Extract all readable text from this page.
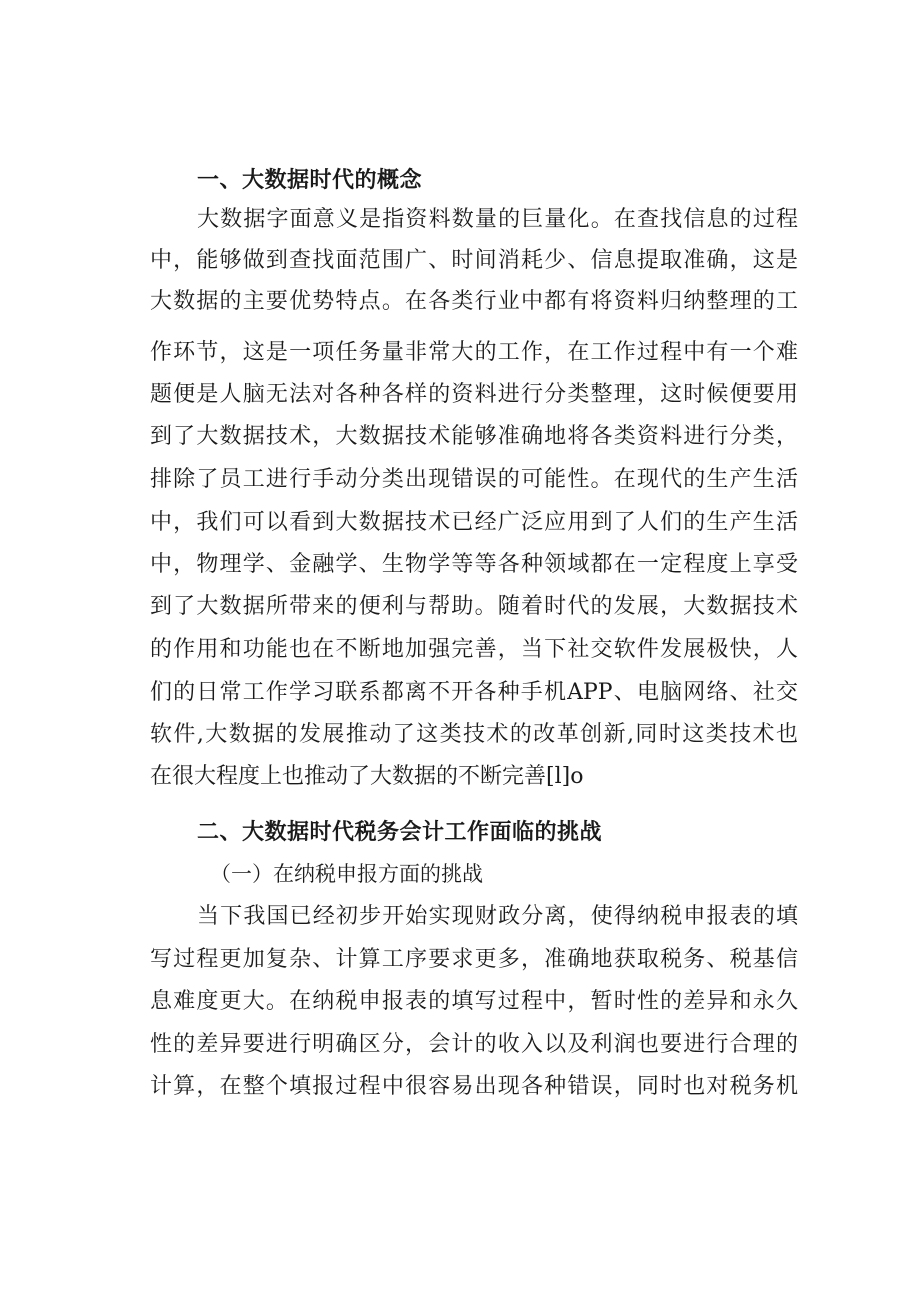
一、大数据时代的概念
大数据字面意义是指资料数量的巨量化。在查找信息的过程
中，能够做到查找面范围广、时间消耗少、信息提取准确，这是
大数据的主要优势特点。在各类行业中都有将资料归纳整理的工
作环节，这是一项任务量非常大的工作，在工作过程中有一个难
题便是人脑无法对各种各样的资料进行分类整理，这时候便要用
到了大数据技术，大数据技术能够准确地将各类资料进行分类，
排除了员工进行手动分类出现错误的可能性。在现代的生产生活
中，我们可以看到大数据技术已经广泛应用到了人们的生产生活
中，物理学、金融学、生物学等等各种领域都在一定程度上享受
到了大数据所带来的便利与帮助。随着时代的发展，大数据技术
的作用和功能也在不断地加强完善，当下社交软件发展极快，人
们的日常工作学习联系都离不开各种手机APP、电脑网络、社交
软件,大数据的发展推动了这类技术的改革创新,同时这类技术也
在很大程度上也推动了大数据的不断完善[l]o
二、大数据时代税务会计工作面临的挑战
（一）在纳税申报方面的挑战
当下我国已经初步开始实现财政分离，使得纳税申报表的填
写过程更加复杂、计算工序要求更多，准确地获取税务、税基信
息难度更大。在纳税申报表的填写过程中，暂时性的差异和永久
性的差异要进行明确区分，会计的收入以及利润也要进行合理的
计算，在整个填报过程中很容易出现各种错误，同时也对税务机
